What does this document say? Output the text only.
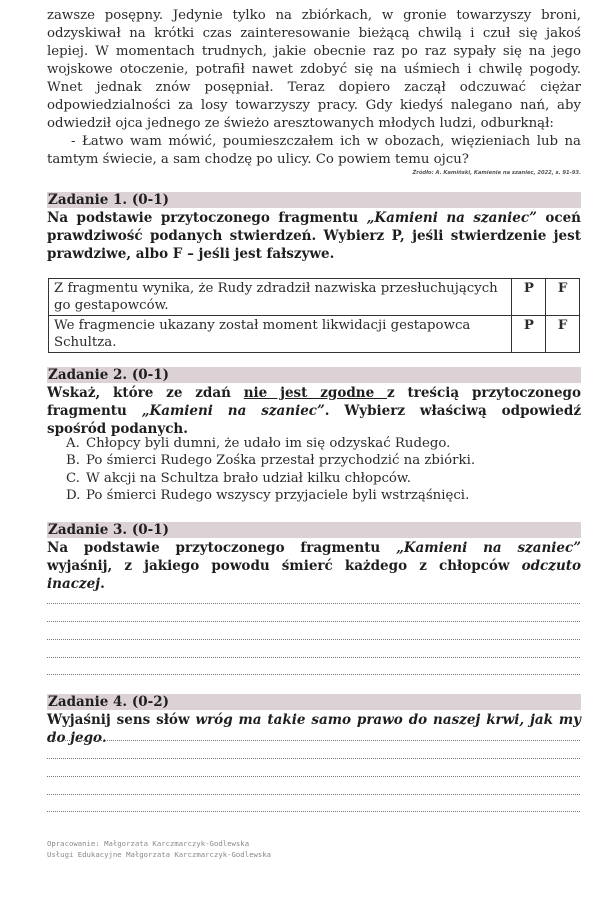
zawsze posępny. Jedynie tylko na zbiórkach, w gronie towarzyszy broni, odzyskiwał na krótki czas zainteresowanie bieżącą chwilą i czuł się jakoś lepiej. W momentach trudnych, jakie obecnie raz po raz sypały się na jego wojskowe otoczenie, potrafił nawet zdobyć się na uśmiech i chwilę pogody. Wnet jednak znów posępniał. Teraz dopiero zaczął odczuwać ciężar odpowiedzialności za losy towarzyszy pracy. Gdy kiedyś nalegano nań, aby odwiedził ojca jednego ze świeżo aresztowanych młodych ludzi, odburknął:

- Łatwo wam mówić, poumieszczałem ich w obozach, więzieniach lub na tamtym świecie, a sam chodzę po ulicy. Co powiem temu ojcu?

Źródło: A. Kamiński, Kamienie na szaniec, 2022, s. 91-93.
Zadanie 1. (0-1)
Na podstawie przytoczonego fragmentu „Kamieni na szaniec” oceń prawdziwość podanych stwierdzeń. Wybierz P, jeśli stwierdzenie jest prawdziwe, albo F – jeśli jest fałszywe.
Z fragmentu wynika, że Rudy zdradził nazwiska przesłuchujących go gestapowców.	P	F
We fragmencie ukazany został moment likwidacji gestapowca Schultza.	P	F
Zadanie 2. (0-1)
Wskaż, które ze zdań nie jest zgodne z treścią przytoczonego fragmentu „Kamieni na szaniec”. Wybierz właściwą odpowiedź spośród podanych.
A. Chłopcy byli dumni, że udało im się odzyskać Rudego.
B. Po śmierci Rudego Zośka przestał przychodzić na zbiórki.
C. W akcji na Schultza brało udział kilku chłopców.
D. Po śmierci Rudego wszyscy przyjaciele byli wstrząśnięci.
Zadanie 3. (0-1)
Na podstawie przytoczonego fragmentu „Kamieni na szaniec” wyjaśnij, z jakiego powodu śmierć każdego z chłopców odczuto inaczej.
Zadanie 4. (0-2)
Wyjaśnij sens słów wróg ma takie samo prawo do naszej krwi, jak my do jego.
Opracowanie: Małgorzata Karczmarczyk-Godlewska
Usługi Edukacyjne Małgorzata Karczmarczyk-Godlewska
